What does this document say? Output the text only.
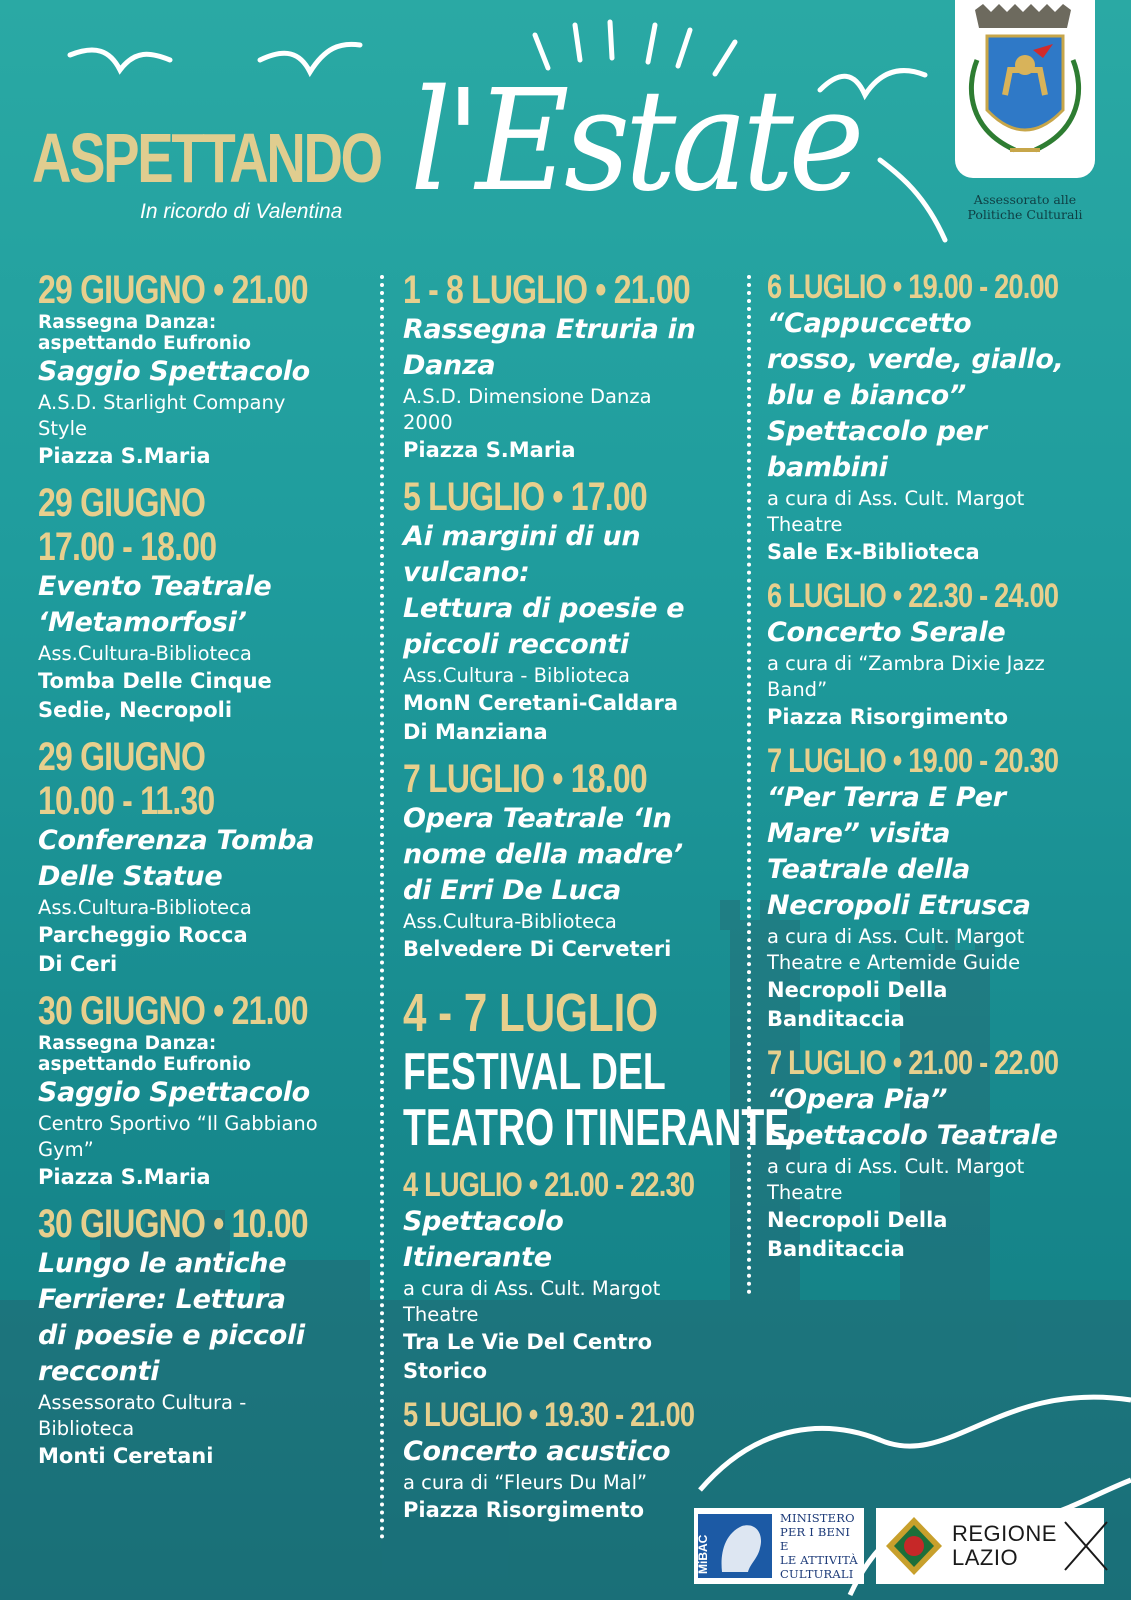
ASPETTANDO
In ricordo di Valentina l'Estate	Assessorato alle
Politiche Culturali
29 GIUGNO • 21.00
Rassegna Danza:
aspettando Eufronio
Saggio Spettacolo
A.S.D. Starlight Company
Style
Piazza S.Maria
29 GIUGNO
17.00 - 18.00
Evento Teatrale
‘Metamorfosi’
Ass.Cultura-Biblioteca
Tomba Delle Cinque
Sedie, Necropoli
29 GIUGNO
10.00 - 11.30
Conferenza Tomba
Delle Statue
Ass.Cultura-Biblioteca
Parcheggio Rocca
Di Ceri
30 GIUGNO • 21.00
Rassegna Danza:
aspettando Eufronio
Saggio Spettacolo
Centro Sportivo “Il Gabbiano
Gym”
Piazza S.Maria
30 GIUGNO • 10.00
Lungo le antiche
Ferriere: Lettura
di poesie e piccoli
recconti
Assessorato Cultura -
Biblioteca
Monti Ceretani
1 - 8 LUGLIO • 21.00
Rassegna Etruria in
Danza
A.S.D. Dimensione Danza
2000
Piazza S.Maria
5 LUGLIO • 17.00
Ai margini di un
vulcano:
Lettura di poesie e
piccoli recconti
Ass.Cultura - Biblioteca
MonN Ceretani-Caldara
Di Manziana
7 LUGLIO • 18.00
Opera Teatrale ‘In
nome della madre’
di Erri De Luca
Ass.Cultura-Biblioteca
Belvedere Di Cerveteri
4 - 7 LUGLIO
FESTIVAL DEL
TEATRO ITINERANTE
4 LUGLIO • 21.00 - 22.30
Spettacolo
Itinerante
a cura di Ass. Cult. Margot
Theatre
Tra Le Vie Del Centro
Storico
5 LUGLIO • 19.30 - 21.00
Concerto acustico
a cura di “Fleurs Du Mal”
Piazza Risorgimento
6 LUGLIO • 19.00 - 20.00
“Cappuccetto
rosso, verde, giallo,
blu e bianco”
Spettacolo per
bambini
a cura di Ass. Cult. Margot
Theatre
Sale Ex-Biblioteca
6 LUGLIO • 22.30 - 24.00
Concerto Serale
a cura di “Zambra Dixie Jazz
Band”
Piazza Risorgimento
7 LUGLIO • 19.00 - 20.30
“Per Terra E Per
Mare” visita
Teatrale della
Necropoli Etrusca
a cura di Ass. Cult. Margot
Theatre e Artemide Guide
Necropoli Della
Banditaccia
7 LUGLIO • 21.00 - 22.00
“Opera Pia”
Spettacolo Teatrale
a cura di Ass. Cult. Margot
Theatre
Necropoli Della
Banditaccia
MiBAC
MINISTERO
PER I BENI E
LE ATTIVITÀ
CULTURALI
REGIONE
LAZIO
